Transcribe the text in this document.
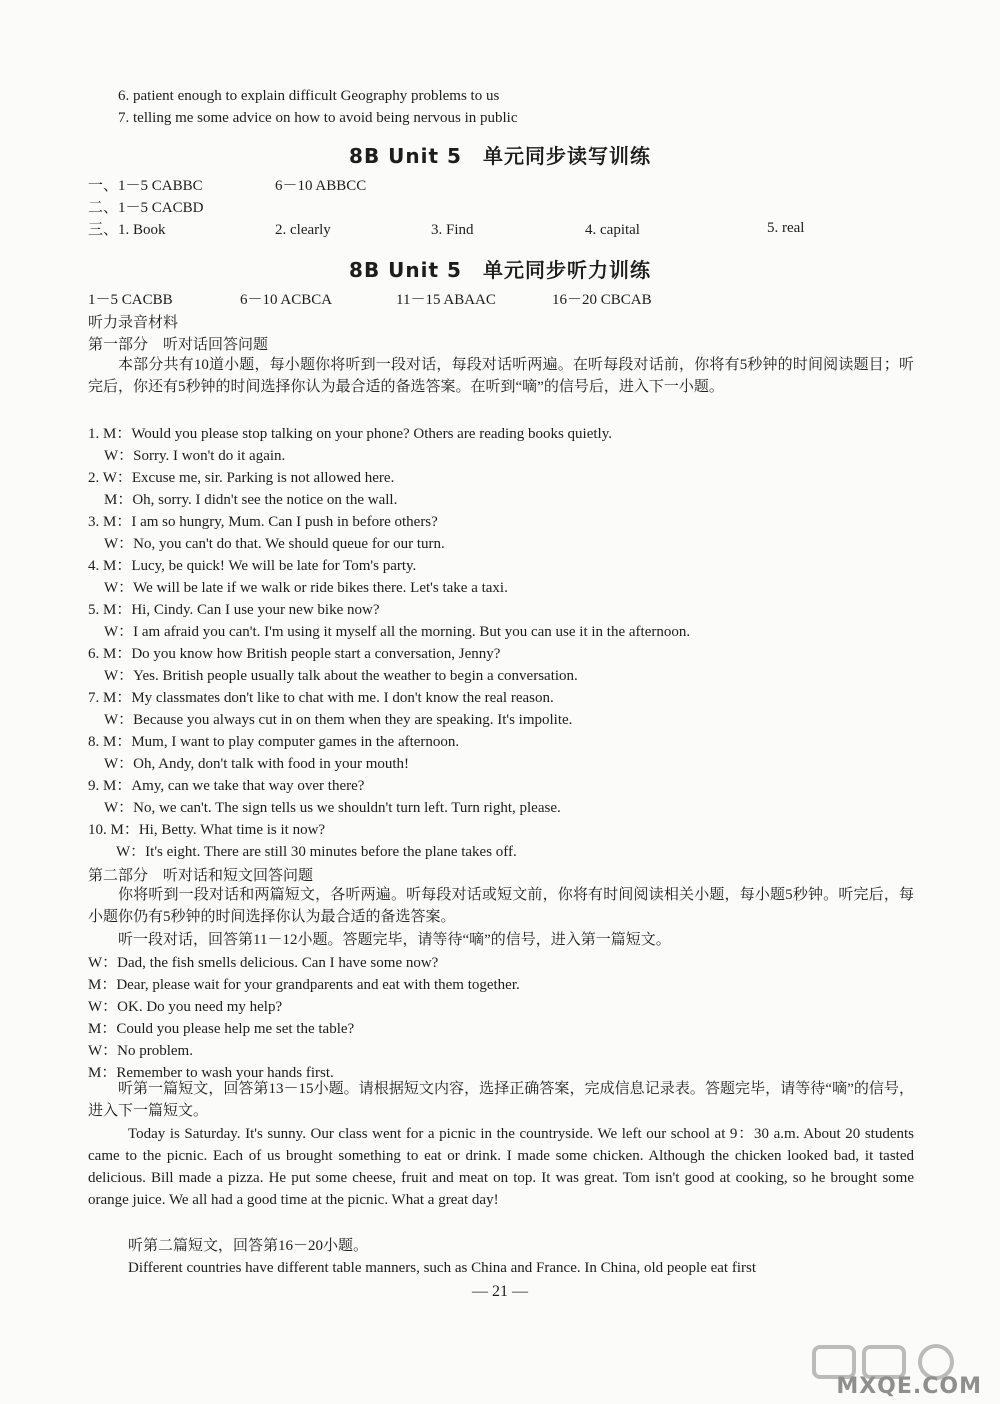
6. patient enough to explain difficult Geography problems to us
7. telling me some advice on how to avoid being nervous in public
8B Unit 5　单元同步读写训练
一、1－5 CABBC	6－10 ABBCC
二、1－5 CACBD
三、1. Book	2. clearly	3. Find	4. capital	5. real
8B Unit 5　单元同步听力训练
1－5 CACBB	6－10 ACBCA	11－15 ABAAC	16－20 CBCAB
听力录音材料
第一部分　听对话回答问题
本部分共有10道小题，每小题你将听到一段对话，每段对话听两遍。在听每段对话前，你将有5秒钟的时间阅读题目；听完后，你还有5秒钟的时间选择你认为最合适的备选答案。在听到“嘀”的信号后，进入下一小题。
1. M：Would you please stop talking on your phone? Others are reading books quietly.
W：Sorry. I won't do it again.
2. W：Excuse me, sir. Parking is not allowed here.
M：Oh, sorry. I didn't see the notice on the wall.
3. M：I am so hungry, Mum. Can I push in before others?
W：No, you can't do that. We should queue for our turn.
4. M：Lucy, be quick! We will be late for Tom's party.
W：We will be late if we walk or ride bikes there. Let's take a taxi.
5. M：Hi, Cindy. Can I use your new bike now?
W：I am afraid you can't. I'm using it myself all the morning. But you can use it in the afternoon.
6. M：Do you know how British people start a conversation, Jenny?
W：Yes. British people usually talk about the weather to begin a conversation.
7. M：My classmates don't like to chat with me. I don't know the real reason.
W：Because you always cut in on them when they are speaking. It's impolite.
8. M：Mum, I want to play computer games in the afternoon.
W：Oh, Andy, don't talk with food in your mouth!
9. M：Amy, can we take that way over there?
W：No, we can't. The sign tells us we shouldn't turn left. Turn right, please.
10. M：Hi, Betty. What time is it now?
W：It's eight. There are still 30 minutes before the plane takes off.
第二部分　听对话和短文回答问题
你将听到一段对话和两篇短文，各听两遍。听每段对话或短文前，你将有时间阅读相关小题，每小题5秒钟。听完后，每小题你仍有5秒钟的时间选择你认为最合适的备选答案。
听一段对话，回答第11－12小题。答题完毕，请等待“嘀”的信号，进入第一篇短文。
W：Dad, the fish smells delicious. Can I have some now?
M：Dear, please wait for your grandparents and eat with them together.
W：OK. Do you need my help?
M：Could you please help me set the table?
W：No problem.
M：Remember to wash your hands first.
听第一篇短文，回答第13－15小题。请根据短文内容，选择正确答案，完成信息记录表。答题完毕，请等待“嘀”的信号，进入下一篇短文。
Today is Saturday. It's sunny. Our class went for a picnic in the countryside. We left our school at 9：30 a.m. About 20 students came to the picnic. Each of us brought something to eat or drink. I made some chicken. Although the chicken looked bad, it tasted delicious. Bill made a pizza. He put some cheese, fruit and meat on top. It was great. Tom isn't good at cooking, so he brought some orange juice. We all had a good time at the picnic. What a great day!
听第二篇短文，回答第16－20小题。
Different countries have different table manners, such as China and France. In China, old people eat first
— 21 —
MXQE.COM
